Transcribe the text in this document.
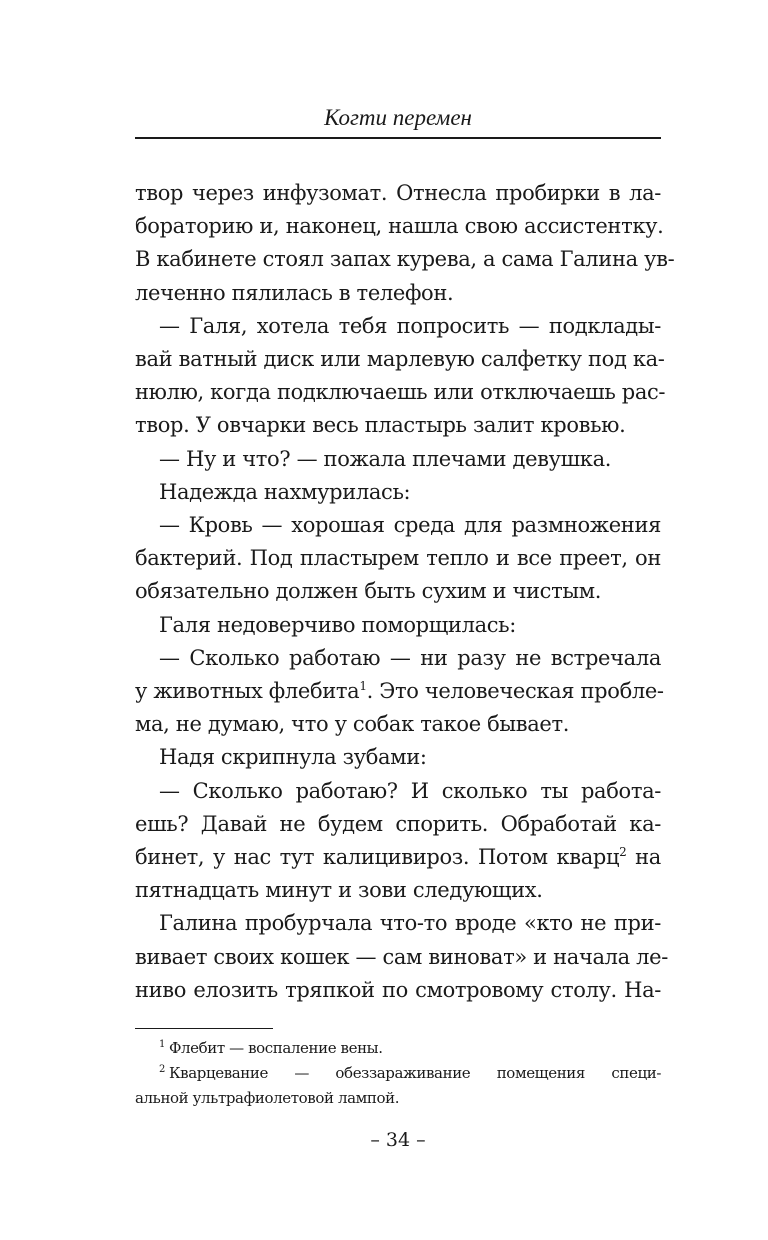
Когти перемен

твор через инфузомат. Отнесла пробирки в ла-
бораторию и, наконец, нашла свою ассистентку.
В кабинете стоял запах курева, а сама Галина ув-
леченно пялилась в телефон.

— Галя, хотела тебя попросить — подклады-
вай ватный диск или марлевую салфетку под ка-
нюлю, когда подключаешь или отключаешь рас-
твор. У овчарки весь пластырь залит кровью.

— Ну и что? — пожала плечами девушка.

Надежда нахмурилась:

— Кровь — хорошая среда для размножения
бактерий. Под пластырем тепло и все преет, он
обязательно должен быть сухим и чистым.

Галя недоверчиво поморщилась:

— Сколько работаю — ни разу не встречала
у животных флебита$^1$. Это человеческая пробле-
ма, не думаю, что у собак такое бывает.

Надя скрипнула зубами:

— Сколько работаю? И сколько ты работа-
ешь? Давай не будем спорить. Обработай ка-
бинет, у нас тут калицивироз. Потом кварц$^2$ на
пятнадцать минут и зови следующих.

Галина пробурчала что-то вроде «кто не при-
вивает своих кошек — сам виноват» и начала ле-
ниво елозить тряпкой по смотровому столу. На-

$^1$ Флебит — воспаление вены.
$^2$ Кварцевание — обеззараживание помещения специ-
альной ультрафиолетовой лампой.
– 34 –
